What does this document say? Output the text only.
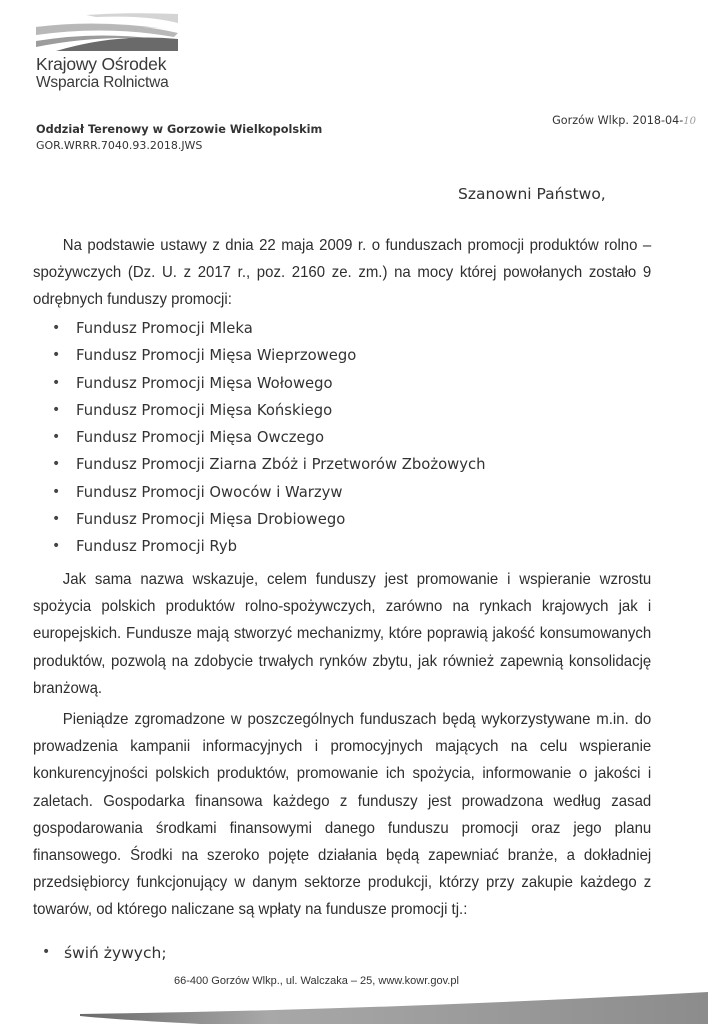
Krajowy Ośrodek
Wsparcia Rolnictwa
Oddział Terenowy w Gorzowie Wielkopolskim
GOR.WRRR.7040.93.2018.JWS
Gorzów Wlkp. 2018-04-10
Szanowni Państwo,
Na podstawie ustawy z dnia 22 maja 2009 r. o funduszach promocji produktów rolno – spożywczych (Dz. U. z 2017 r., poz. 2160 ze. zm.) na mocy której powołanych zostało 9 odrębnych funduszy promocji:
• Fundusz Promocji Mleka
• Fundusz Promocji Mięsa Wieprzowego
• Fundusz Promocji Mięsa Wołowego
• Fundusz Promocji Mięsa Końskiego
• Fundusz Promocji Mięsa Owczego
• Fundusz Promocji Ziarna Zbóż i Przetworów Zbożowych
• Fundusz Promocji Owoców i Warzyw
• Fundusz Promocji Mięsa Drobiowego
• Fundusz Promocji Ryb
Jak sama nazwa wskazuje, celem funduszy jest promowanie i wspieranie wzrostu spożycia polskich produktów rolno-spożywczych, zarówno na rynkach krajowych jak i europejskich. Fundusze mają stworzyć mechanizmy, które poprawią jakość konsumowanych produktów, pozwolą na zdobycie trwałych rynków zbytu, jak również zapewnią konsolidację branżową.
Pieniądze zgromadzone w poszczególnych funduszach będą wykorzystywane m.in. do prowadzenia kampanii informacyjnych i promocyjnych mających na celu wspieranie konkurencyjności polskich produktów, promowanie ich spożycia, informowanie o jakości i zaletach. Gospodarka finansowa każdego z funduszy jest prowadzona według zasad gospodarowania środkami finansowymi danego funduszu promocji oraz jego planu finansowego. Środki na szeroko pojęte działania będą zapewniać branże, a dokładniej przedsiębiorcy funkcjonujący w danym sektorze produkcji, którzy przy zakupie każdego z towarów, od którego naliczane są wpłaty na fundusze promocji tj.:
• świń żywych;
66-400 Gorzów Wlkp., ul. Walczaka – 25, www.kowr.gov.pl
